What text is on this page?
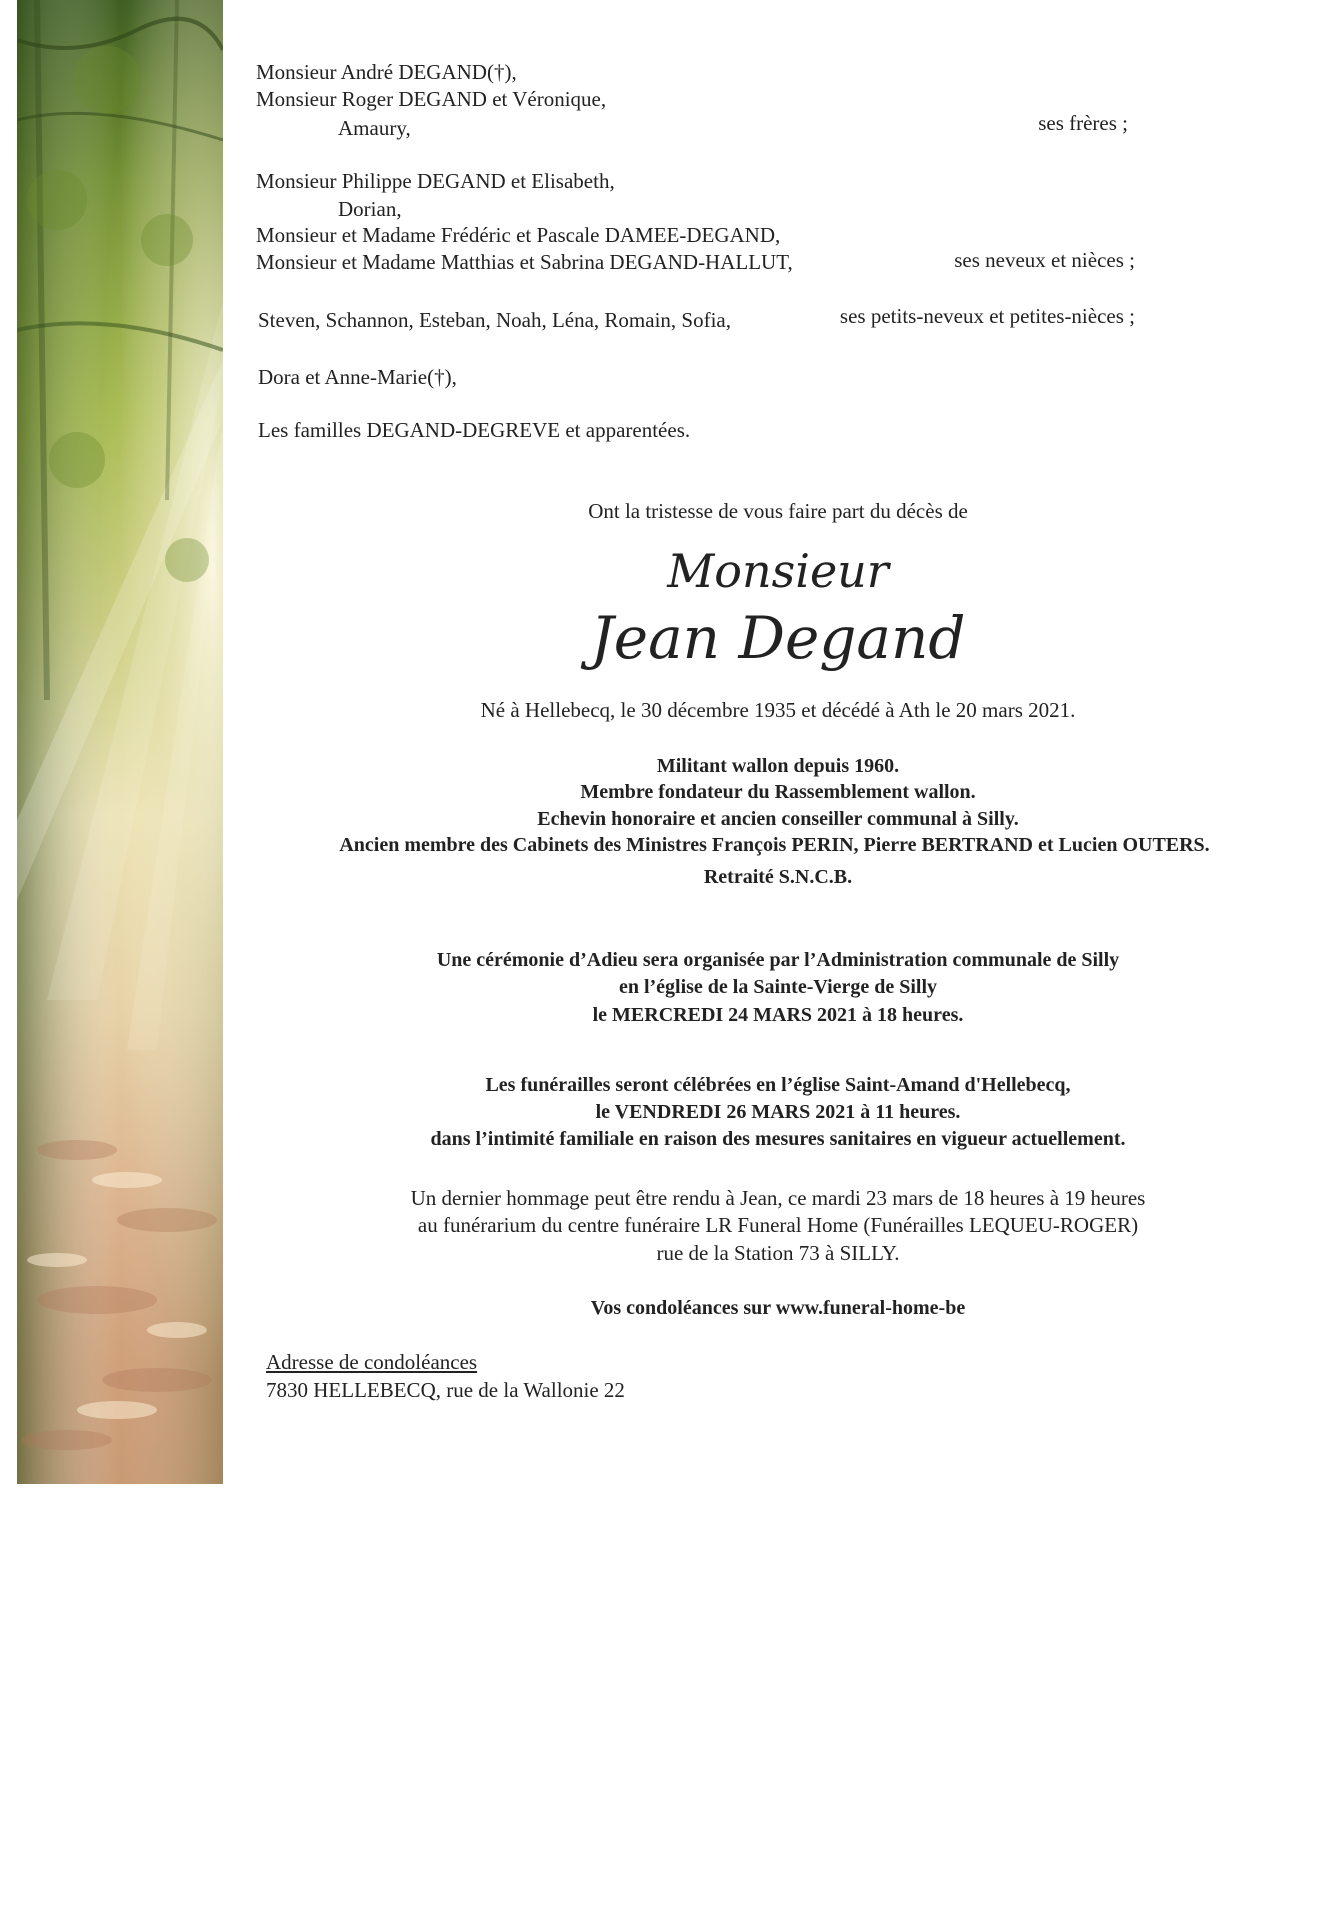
Monsieur André DEGAND(†),
Monsieur Roger DEGAND et Véronique,
Amaury,	ses frères ;
Monsieur Philippe DEGAND et Elisabeth,
Dorian,
Monsieur et Madame Frédéric et Pascale DAMEE-DEGAND,
Monsieur et Madame Matthias et Sabrina DEGAND-HALLUT,	ses neveux et nièces ;
Steven, Schannon, Esteban, Noah, Léna, Romain, Sofia,	ses petits-neveux et petites-nièces ;
Dora et Anne-Marie(†),
Les familles DEGAND-DEGREVE et apparentées.
Ont la tristesse de vous faire part du décès de
Monsieur
Jean Degand
Né à Hellebecq, le 30 décembre 1935 et décédé à Ath le 20 mars 2021.
Militant wallon depuis 1960.
Membre fondateur du Rassemblement wallon.
Echevin honoraire et ancien conseiller communal à Silly.
Ancien membre des Cabinets des Ministres François PERIN, Pierre BERTRAND et Lucien OUTERS.
Retraité S.N.C.B.
Une cérémonie d’Adieu sera organisée par l’Administration communale de Silly
en l’église de la Sainte-Vierge de Silly
le MERCREDI 24 MARS 2021 à 18 heures.
Les funérailles seront célébrées en l’église Saint-Amand d'Hellebecq,
le VENDREDI 26 MARS 2021 à 11 heures.
dans l’intimité familiale en raison des mesures sanitaires en vigueur actuellement.
Un dernier hommage peut être rendu à Jean, ce mardi 23 mars de 18 heures à 19 heures
au funérarium du centre funéraire LR Funeral Home (Funérailles LEQUEU-ROGER)
rue de la Station 73 à SILLY.
Vos condoléances sur www.funeral-home-be
Adresse de condoléances
7830 HELLEBECQ, rue de la Wallonie 22
